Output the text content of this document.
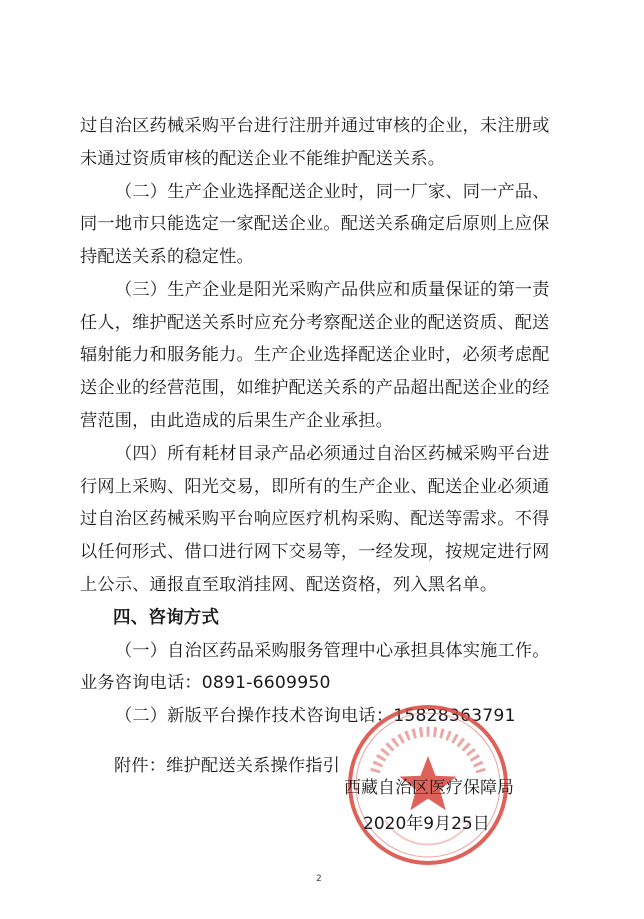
过自治区药械采购平台进行注册并通过审核的企业，未注册或
未通过资质审核的配送企业不能维护配送关系。
（二）生产企业选择配送企业时，同一厂家、同一产品、
同一地市只能选定一家配送企业。配送关系确定后原则上应保
持配送关系的稳定性。
（三）生产企业是阳光采购产品供应和质量保证的第一责
任人，维护配送关系时应充分考察配送企业的配送资质、配送
辐射能力和服务能力。生产企业选择配送企业时，必须考虑配
送企业的经营范围，如维护配送关系的产品超出配送企业的经
营范围，由此造成的后果生产企业承担。
（四）所有耗材目录产品必须通过自治区药械采购平台进
行网上采购、阳光交易，即所有的生产企业、配送企业必须通
过自治区药械采购平台响应医疗机构采购、配送等需求。不得
以任何形式、借口进行网下交易等，一经发现，按规定进行网
上公示、通报直至取消挂网、配送资格，列入黑名单。
四、咨询方式
（一）自治区药品采购服务管理中心承担具体实施工作。
业务咨询电话：0891-6609950
（二）新版平台操作技术咨询电话：15828363791
附件：维护配送关系操作指引
西藏自治区医疗保障局
2020年9月25日
2
